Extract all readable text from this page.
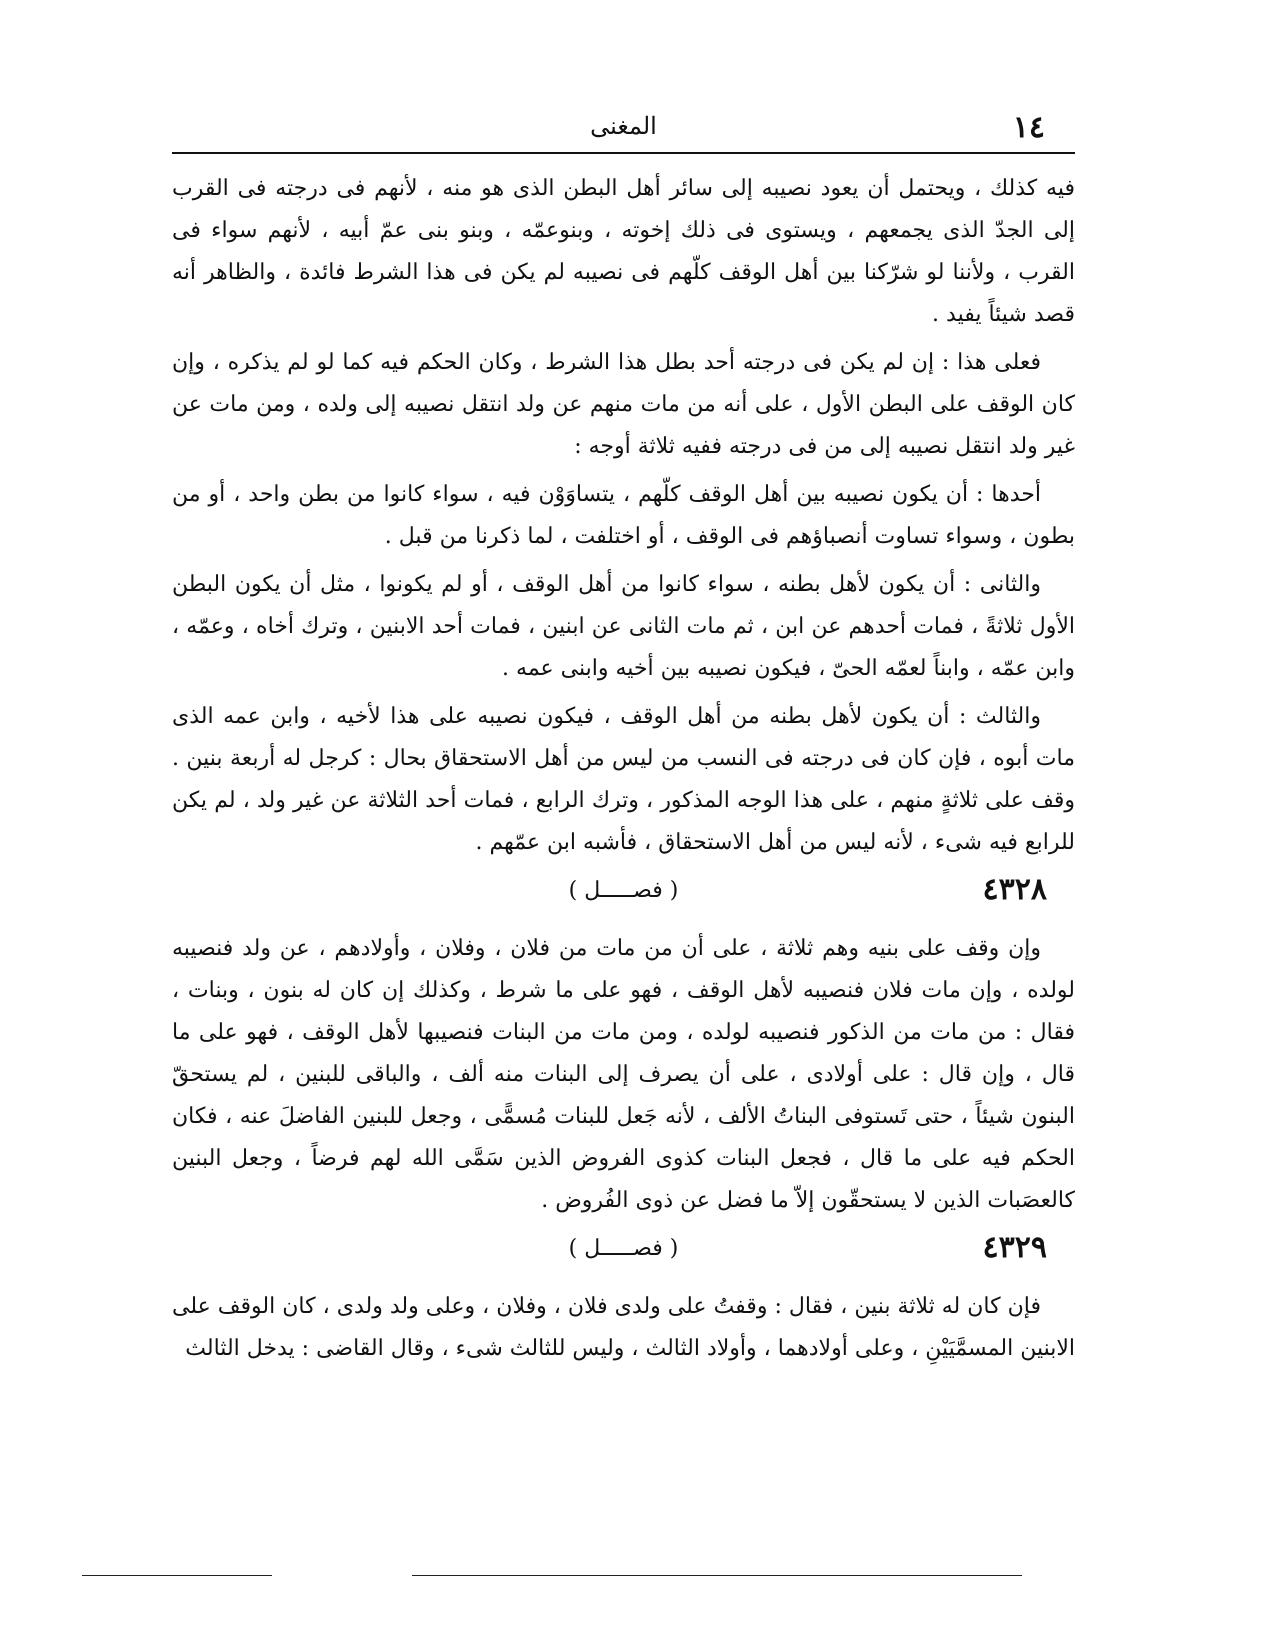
١٤
المغنى

فيه كذلك ، ويحتمل أن يعود نصيبه إلى سائر أهل البطن الذى هو منه ، لأنهم فى درجته فى القرب إلى الجدّ الذى يجمعهم ، ويستوى فى ذلك إخوته ، وبنوعمّه ، وبنو بنى عمّ أبيه ، لأنهم سواء فى القرب ، ولأننا لو شرّكنا بين أهل الوقف كلّهم فى نصيبه لم يكن فى هذا الشرط فائدة ، والظاهر أنه قصد شيئاً يفيد .

فعلى هذا : إن لم يكن فى درجته أحد بطل هذا الشرط ، وكان الحكم فيه كما لو لم يذكره ، وإن كان الوقف على البطن الأول ، على أنه من مات منهم عن ولد انتقل نصيبه إلى ولده ، ومن مات عن غير ولد انتقل نصيبه إلى من فى درجته ففيه ثلاثة أوجه :

أحدها : أن يكون نصيبه بين أهل الوقف كلّهم ، يتساوَوْن فيه ، سواء كانوا من بطن واحد ، أو من بطون ، وسواء تساوت أنصباؤهم فى الوقف ، أو اختلفت ، لما ذكرنا من قبل .

والثانى : أن يكون لأهل بطنه ، سواء كانوا من أهل الوقف ، أو لم يكونوا ، مثل أن يكون البطن الأول ثلاثةً ، فمات أحدهم عن ابن ، ثم مات الثانى عن ابنين ، فمات أحد الابنين ، وترك أخاه ، وعمّه ، وابن عمّه ، وابناً لعمّه الحىّ ، فيكون نصيبه بين أخيه وابنى عمه .

والثالث : أن يكون لأهل بطنه من أهل الوقف ، فيكون نصيبه على هذا لأخيه ، وابن عمه الذى مات أبوه ، فإن كان فى درجته فى النسب من ليس من أهل الاستحقاق بحال : كرجل له أربعة بنين . وقف على ثلاثةٍ منهم ، على هذا الوجه المذكور ، وترك الرابع ، فمات أحد الثلاثة عن غير ولد ، لم يكن للرابع فيه شىء ، لأنه ليس من أهل الاستحقاق ، فأشبه ابن عمّهم .

٤٣٢٨
( فصـــــل )

وإن وقف على بنيه وهم ثلاثة ، على أن من مات من فلان ، وفلان ، وأولادهم ، عن ولد فنصيبه لولده ، وإن مات فلان فنصيبه لأهل الوقف ، فهو على ما شرط ، وكذلك إن كان له بنون ، وبنات ، فقال : من مات من الذكور فنصيبه لولده ، ومن مات من البنات فنصيبها لأهل الوقف ، فهو على ما قال ، وإن قال : على أولادى ، على أن يصرف إلى البنات منه ألف ، والباقى للبنين ، لم يستحقّ البنون شيئاً ، حتى تَستوفى البناتُ الألف ، لأنه جَعل للبنات مُسمًّى ، وجعل للبنين الفاضلَ عنه ، فكان الحكم فيه على ما قال ، فجعل البنات كذوى الفروض الذين سَمَّى الله لهم فرضاً ، وجعل البنين كالعصَبات الذين لا يستحقّون إلاّ ما فضل عن ذوى الفُروض .

٤٣٢٩
( فصـــــل )

فإن كان له ثلاثة بنين ، فقال : وقفتُ على ولدى فلان ، وفلان ، وعلى ولد ولدى ، كان الوقف على الابنين المسمَّيَيْنِ ، وعلى أولادهما ، وأولاد الثالث ، وليس للثالث شىء ، وقال القاضى : يدخل الثالث
